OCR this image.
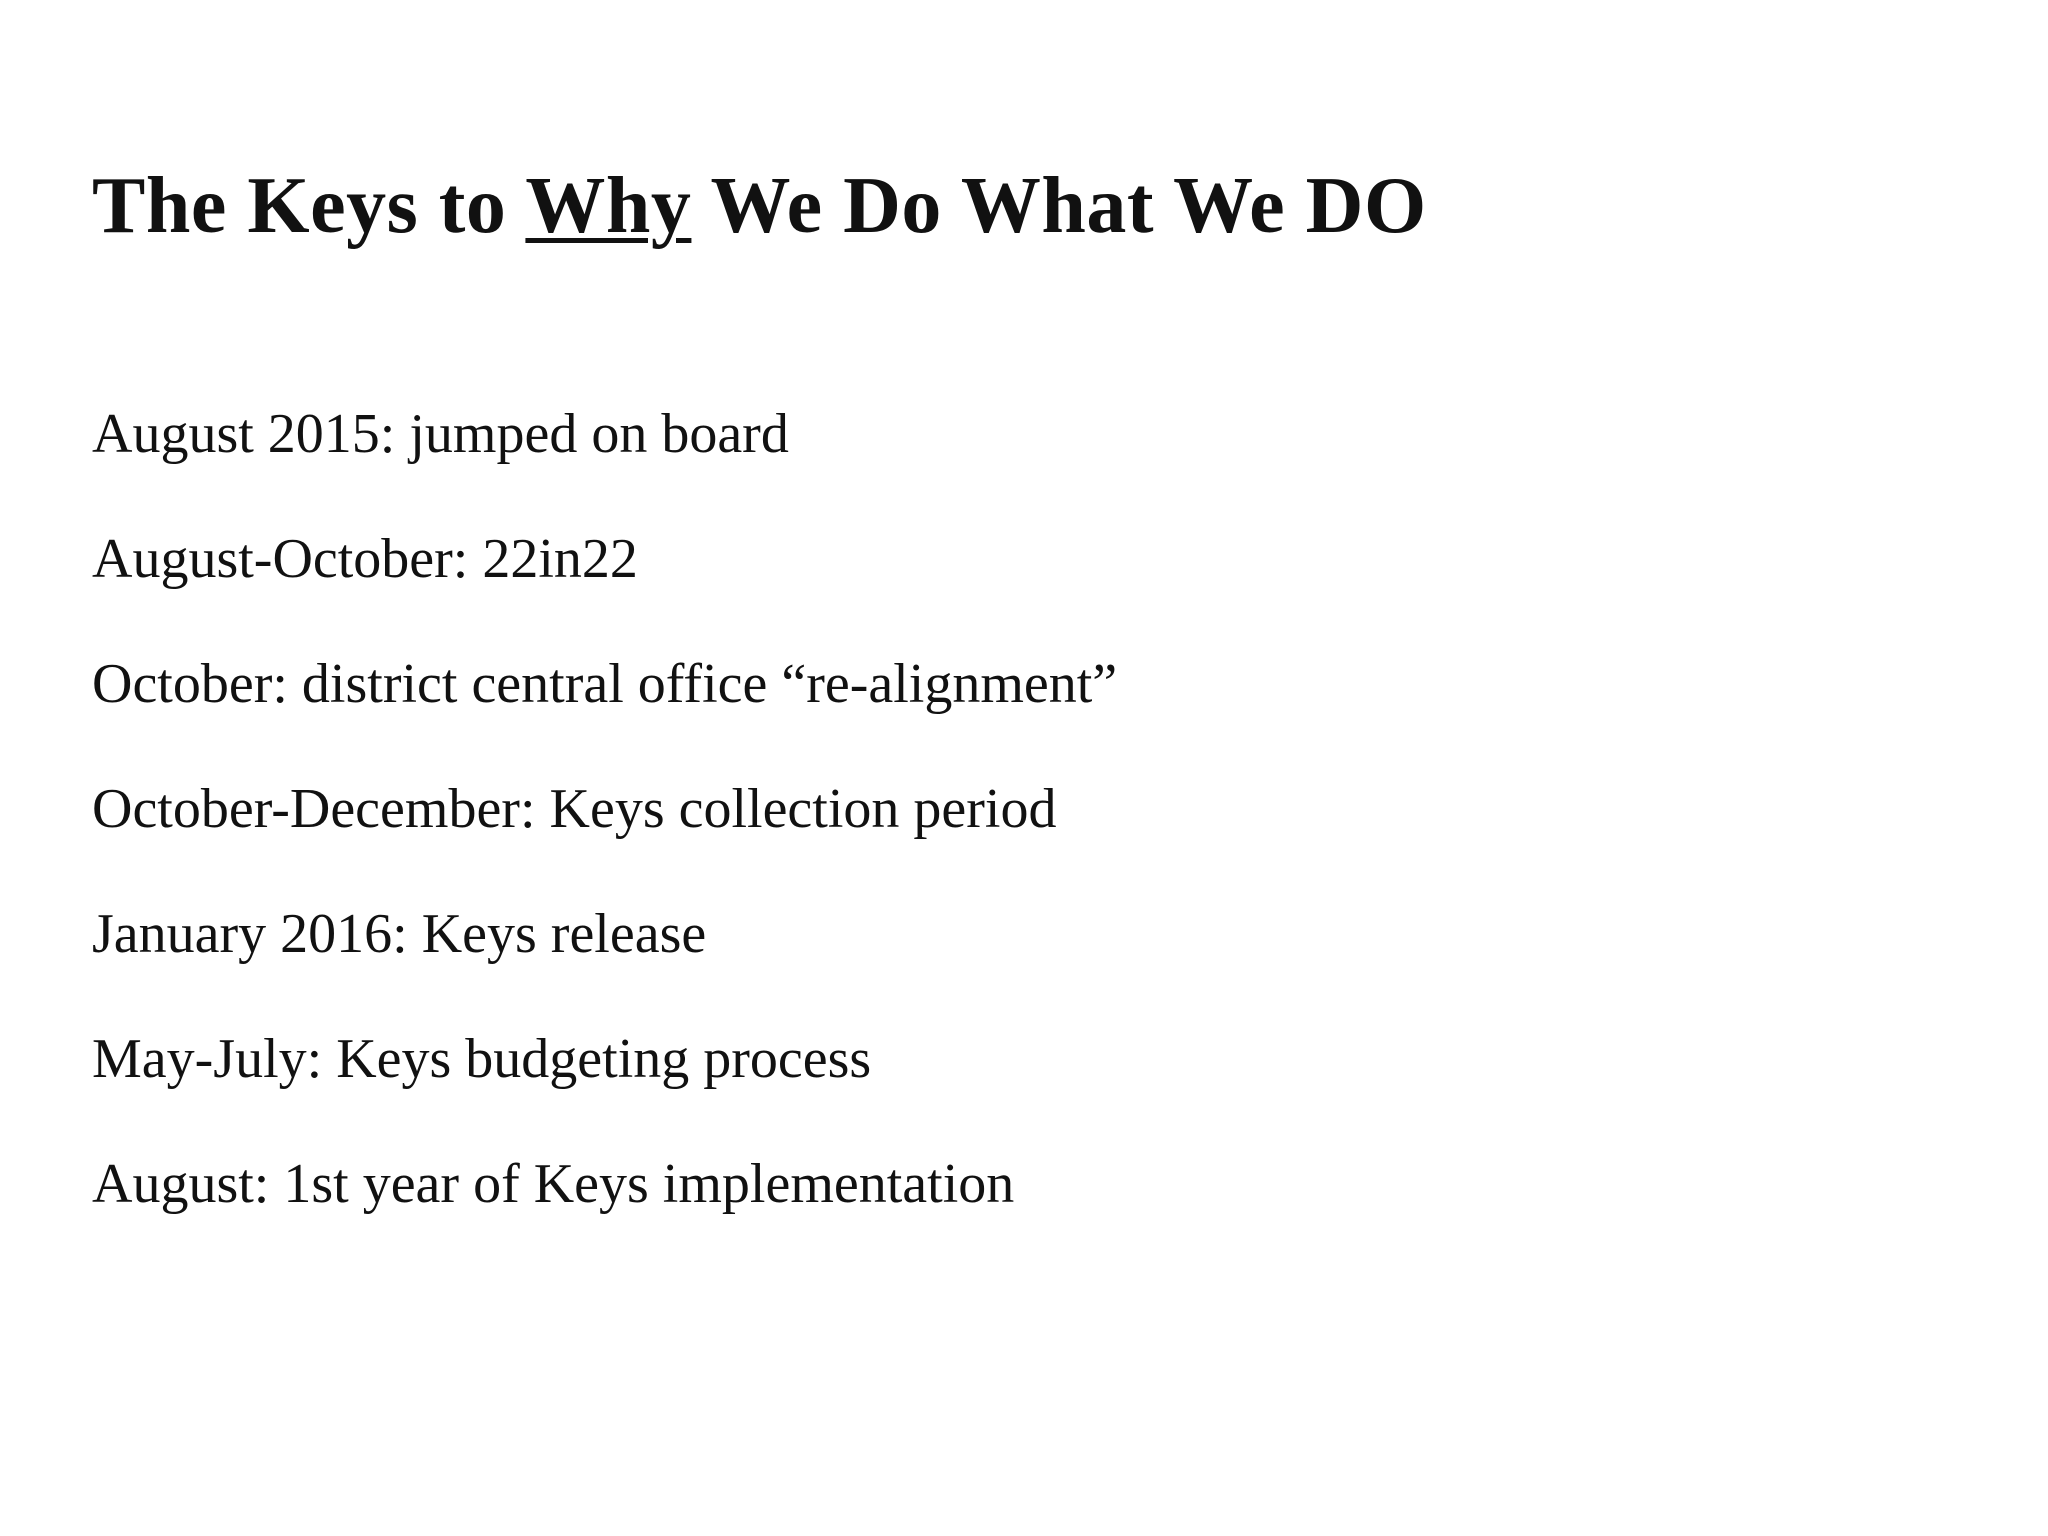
The Keys to Why We Do What We DO
August 2015: jumped on board
August-October: 22in22
October: district central office “re-alignment”
October-December: Keys collection period
January 2016: Keys release
May-July: Keys budgeting process
August: 1st year of Keys implementation
